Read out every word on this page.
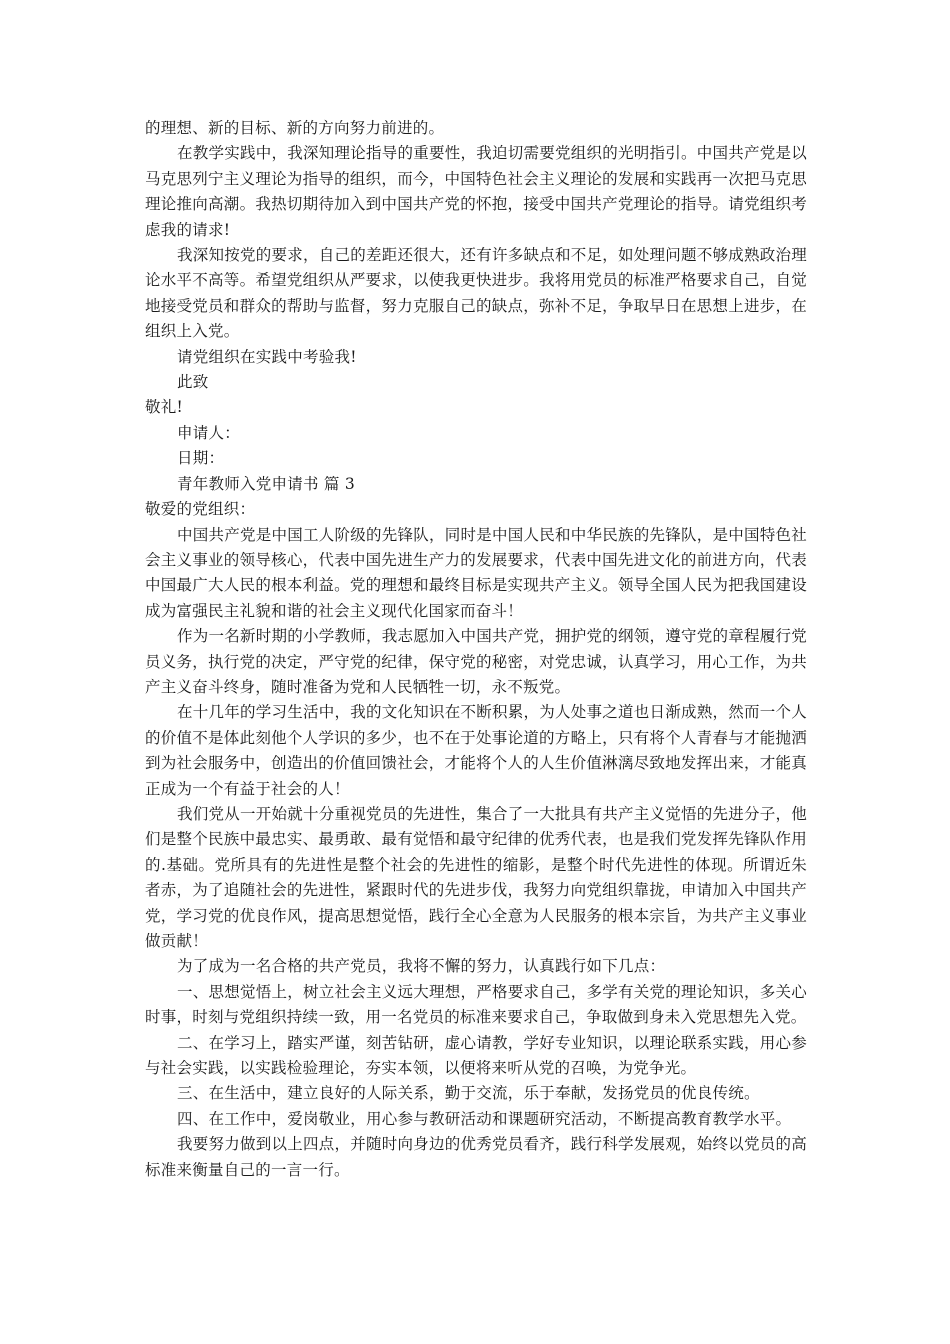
的理想、新的目标、新的方向努力前进的。

在教学实践中，我深知理论指导的重要性，我迫切需要党组织的光明指引。中国共产党是以马克思列宁主义理论为指导的组织，而今，中国特色社会主义理论的发展和实践再一次把马克思理论推向高潮。我热切期待加入到中国共产党的怀抱，接受中国共产党理论的指导。请党组织考虑我的请求!

我深知按党的要求，自己的差距还很大，还有许多缺点和不足，如处理问题不够成熟政治理论水平不高等。希望党组织从严要求，以使我更快进步。我将用党员的标准严格要求自己，自觉地接受党员和群众的帮助与监督，努力克服自己的缺点，弥补不足，争取早日在思想上进步，在组织上入党。

请党组织在实践中考验我!

此致

敬礼!

申请人：

日期：

青年教师入党申请书 篇 3

敬爱的党组织：

中国共产党是中国工人阶级的先锋队，同时是中国人民和中华民族的先锋队，是中国特色社会主义事业的领导核心，代表中国先进生产力的发展要求，代表中国先进文化的前进方向，代表中国最广大人民的根本利益。党的理想和最终目标是实现共产主义。领导全国人民为把我国建设成为富强民主礼貌和谐的社会主义现代化国家而奋斗！

作为一名新时期的小学教师，我志愿加入中国共产党，拥护党的纲领，遵守党的章程履行党员义务，执行党的决定，严守党的纪律，保守党的秘密，对党忠诚，认真学习，用心工作，为共产主义奋斗终身，随时准备为党和人民牺牲一切，永不叛党。

在十几年的学习生活中，我的文化知识在不断积累，为人处事之道也日渐成熟，然而一个人的价值不是体此刻他个人学识的多少，也不在于处事论道的方略上，只有将个人青春与才能抛洒到为社会服务中，创造出的价值回馈社会，才能将个人的人生价值淋漓尽致地发挥出来，才能真正成为一个有益于社会的人！

我们党从一开始就十分重视党员的先进性，集合了一大批具有共产主义觉悟的先进分子，他们是整个民族中最忠实、最勇敢、最有觉悟和最守纪律的优秀代表，也是我们党发挥先锋队作用的.基础。党所具有的先进性是整个社会的先进性的缩影，是整个时代先进性的体现。所谓近朱者赤，为了追随社会的先进性，紧跟时代的先进步伐，我努力向党组织靠拢，申请加入中国共产党，学习党的优良作风，提高思想觉悟，践行全心全意为人民服务的根本宗旨，为共产主义事业做贡献！

为了成为一名合格的共产党员，我将不懈的努力，认真践行如下几点：

一、思想觉悟上，树立社会主义远大理想，严格要求自己，多学有关党的理论知识，多关心时事，时刻与党组织持续一致，用一名党员的标准来要求自己，争取做到身未入党思想先入党。

二、在学习上，踏实严谨，刻苦钻研，虚心请教，学好专业知识，以理论联系实践，用心参与社会实践，以实践检验理论，夯实本领，以便将来听从党的召唤，为党争光。

三、在生活中，建立良好的人际关系，勤于交流，乐于奉献，发扬党员的优良传统。

四、在工作中，爱岗敬业，用心参与教研活动和课题研究活动，不断提高教育教学水平。

我要努力做到以上四点，并随时向身边的优秀党员看齐，践行科学发展观，始终以党员的高标准来衡量自己的一言一行。
